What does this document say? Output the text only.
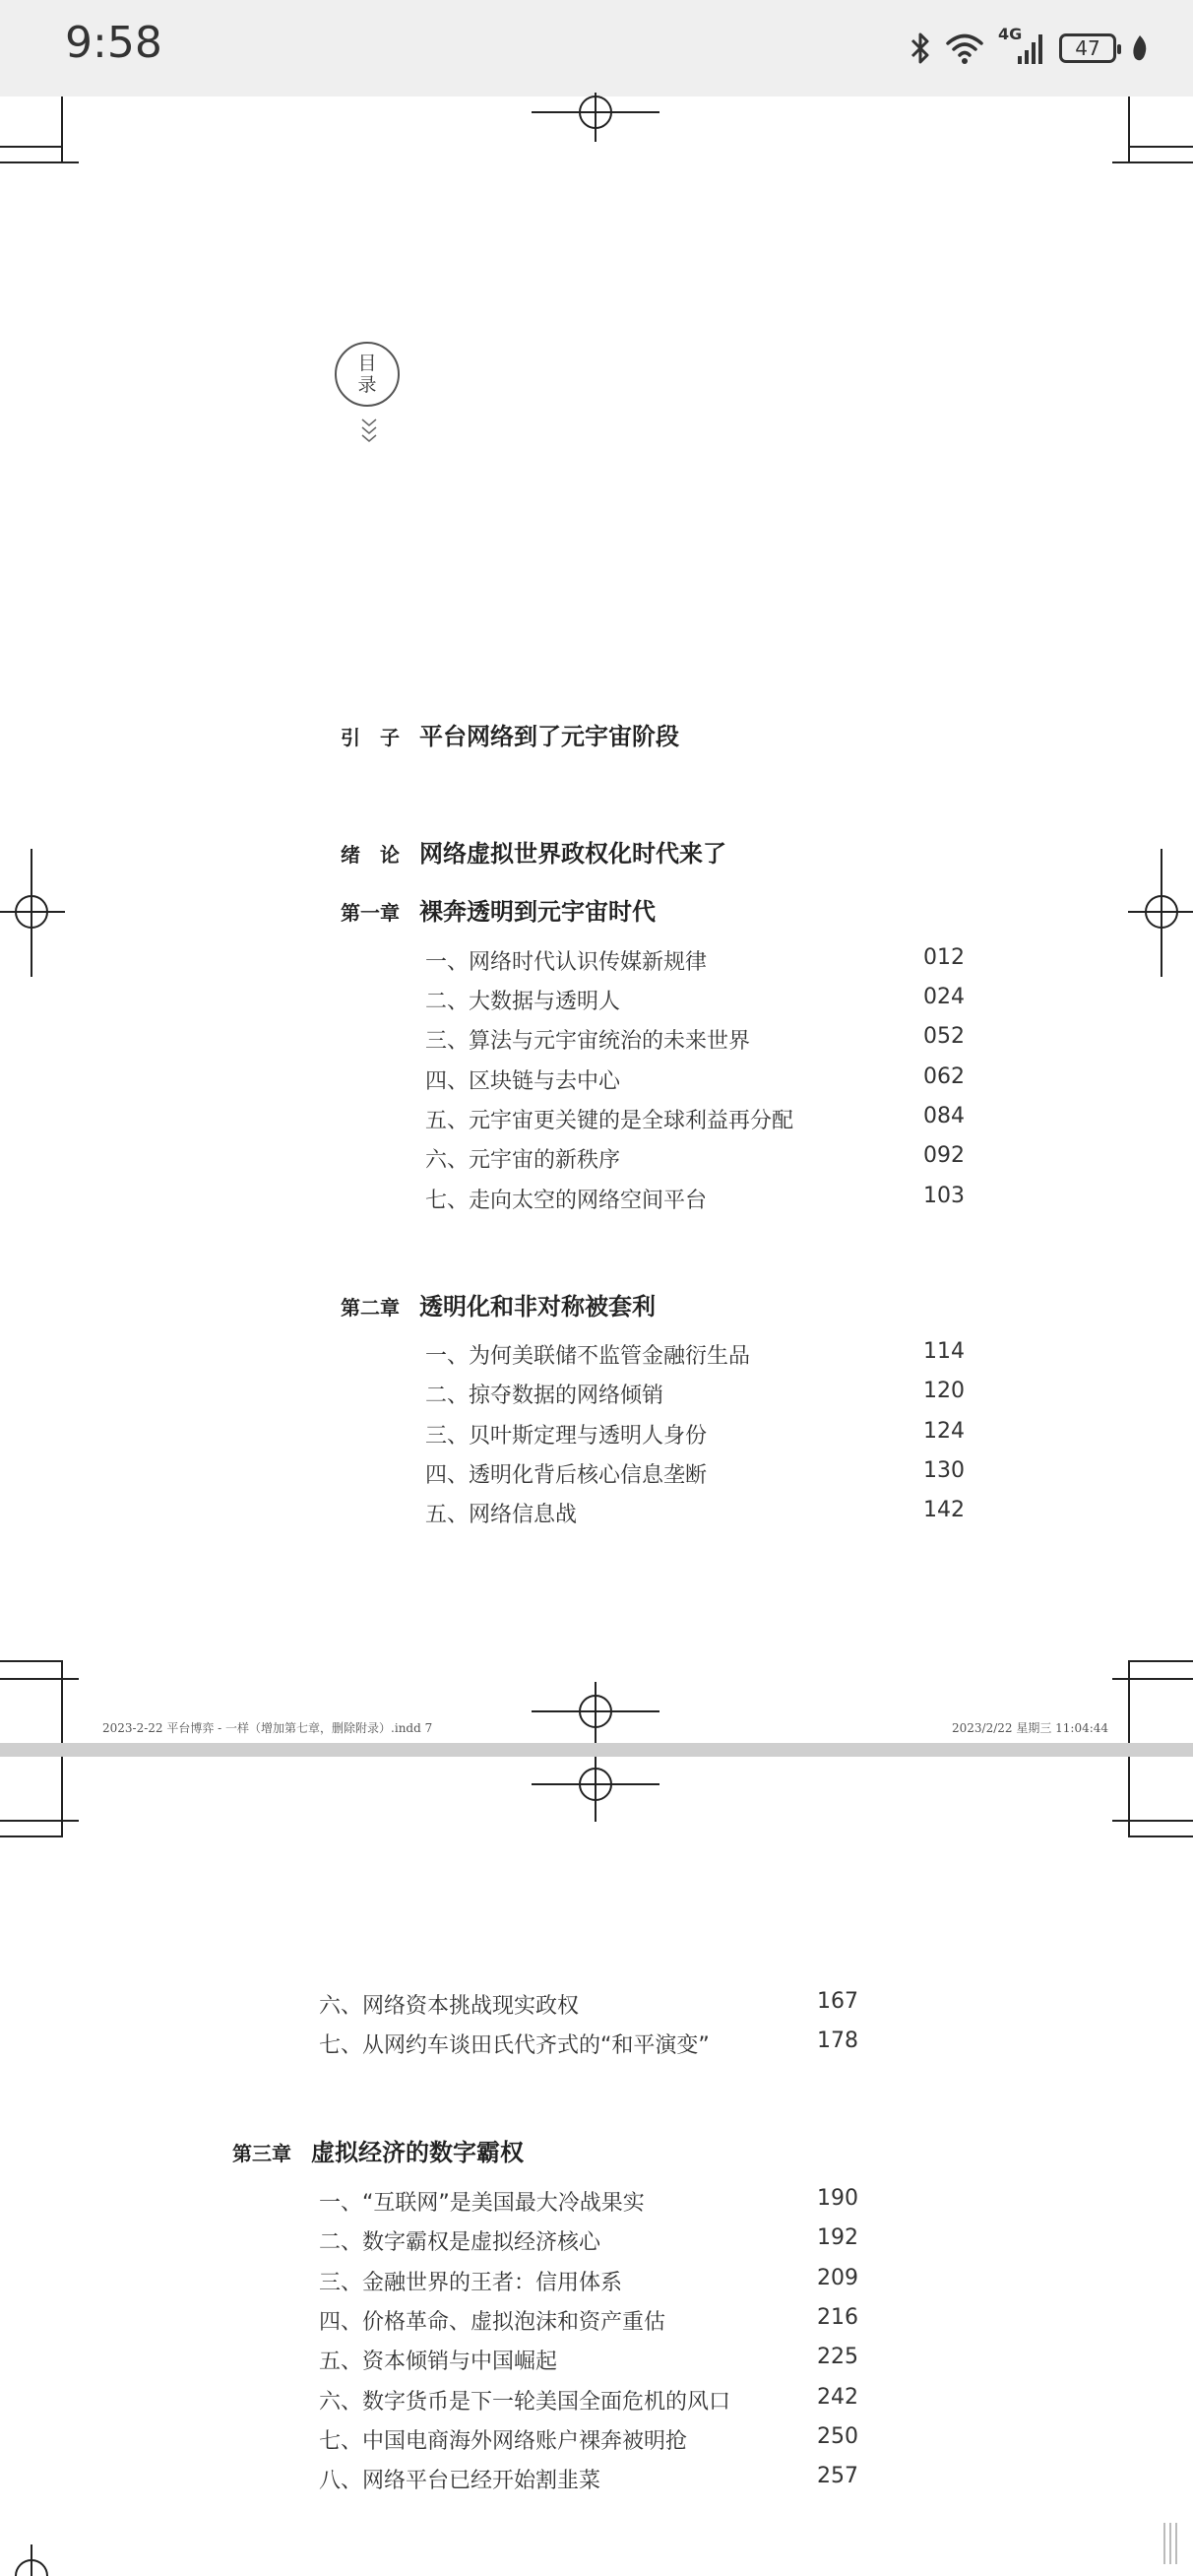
9:58	4G
47
目
录
引　子 平台网络到了元宇宙阶段
绪　论 网络虚拟世界政权化时代来了
第一章 裸奔透明到元宇宙时代
一、网络时代认识传媒新规律	012
二、大数据与透明人	024
三、算法与元宇宙统治的未来世界	052
四、区块链与去中心	062
五、元宇宙更关键的是全球利益再分配	084
六、元宇宙的新秩序	092
七、走向太空的网络空间平台	103
第二章 透明化和非对称被套利
一、为何美联储不监管金融衍生品	114
二、掠夺数据的网络倾销	120
三、贝叶斯定理与透明人身份	124
四、透明化背后核心信息垄断	130
五、网络信息战	142
2023-2-22 平台博弈 - 一样（增加第七章，删除附录）.indd 7	2023/2/22 星期三 11:04:44
六、网络资本挑战现实政权	167
七、从网约车谈田氏代齐式的“和平演变”	178
第三章 虚拟经济的数字霸权
一、“互联网”是美国最大冷战果实	190
二、数字霸权是虚拟经济核心	192
三、金融世界的王者：信用体系	209
四、价格革命、虚拟泡沫和资产重估	216
五、资本倾销与中国崛起	225
六、数字货币是下一轮美国全面危机的风口	242
七、中国电商海外网络账户裸奔被明抢	250
八、网络平台已经开始割韭菜	257
